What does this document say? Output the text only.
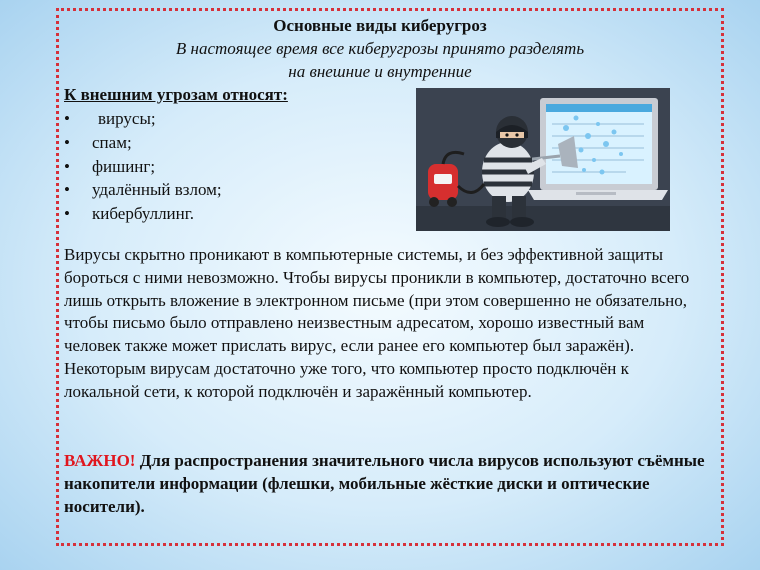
Основные виды киберугроз
В настоящее время все киберугрозы принято разделять
на внешние и внутренние
К внешним угрозам относят:
• вирусы;
• спам;
• фишинг;
• удалённый взлом;
• кибербуллинг.

Вирусы скрытно проникают в компьютерные системы, и без эффективной защиты бороться с ними невозможно. Чтобы вирусы проникли в компьютер, достаточно всего лишь открыть вложение в электронном письме (при этом совершенно не обязательно, чтобы письмо было отправлено неизвестным адресатом, хорошо известный вам человек также может прислать вирус, если ранее его компьютер был заражён). Некоторым вирусам достаточно уже того, что компьютер просто подключён к локальной сети, к которой подключён и заражённый компьютер.

ВАЖНО! Для распространения значительного числа вирусов используют съёмные накопители информации (флешки, мобильные жёсткие диски и оптические носители).
